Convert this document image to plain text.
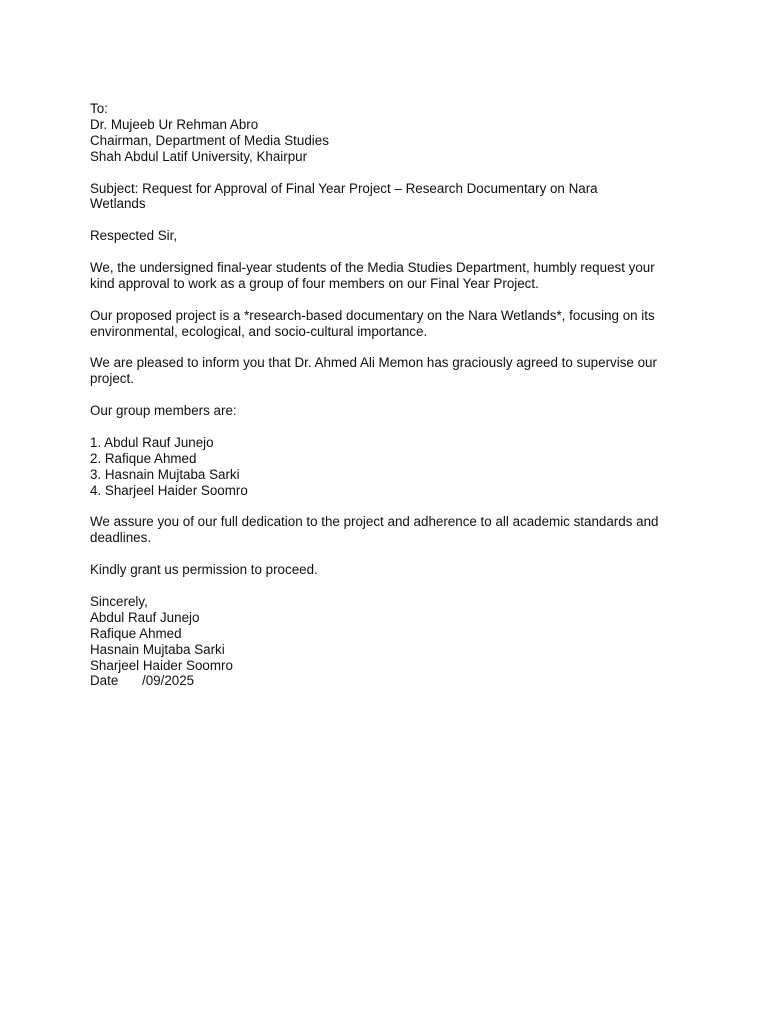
To:
Dr. Mujeeb Ur Rehman Abro
Chairman, Department of Media Studies
Shah Abdul Latif University, Khairpur
Subject: Request for Approval of Final Year Project – Research Documentary on Nara Wetlands
Respected Sir,
We, the undersigned final-year students of the Media Studies Department, humbly request your kind approval to work as a group of four members on our Final Year Project.
Our proposed project is a *research-based documentary on the Nara Wetlands*, focusing on its environmental, ecological, and socio-cultural importance.
We are pleased to inform you that Dr. Ahmed Ali Memon has graciously agreed to supervise our project.
Our group members are:
1. Abdul Rauf Junejo
2. Rafique Ahmed
3. Hasnain Mujtaba Sarki
4. Sharjeel Haider Soomro
We assure you of our full dedication to the project and adherence to all academic standards and deadlines.
Kindly grant us permission to proceed.
Sincerely,
Abdul Rauf Junejo
Rafique Ahmed
Hasnain Mujtaba Sarki
Sharjeel Haider Soomro
Date /09/2025
